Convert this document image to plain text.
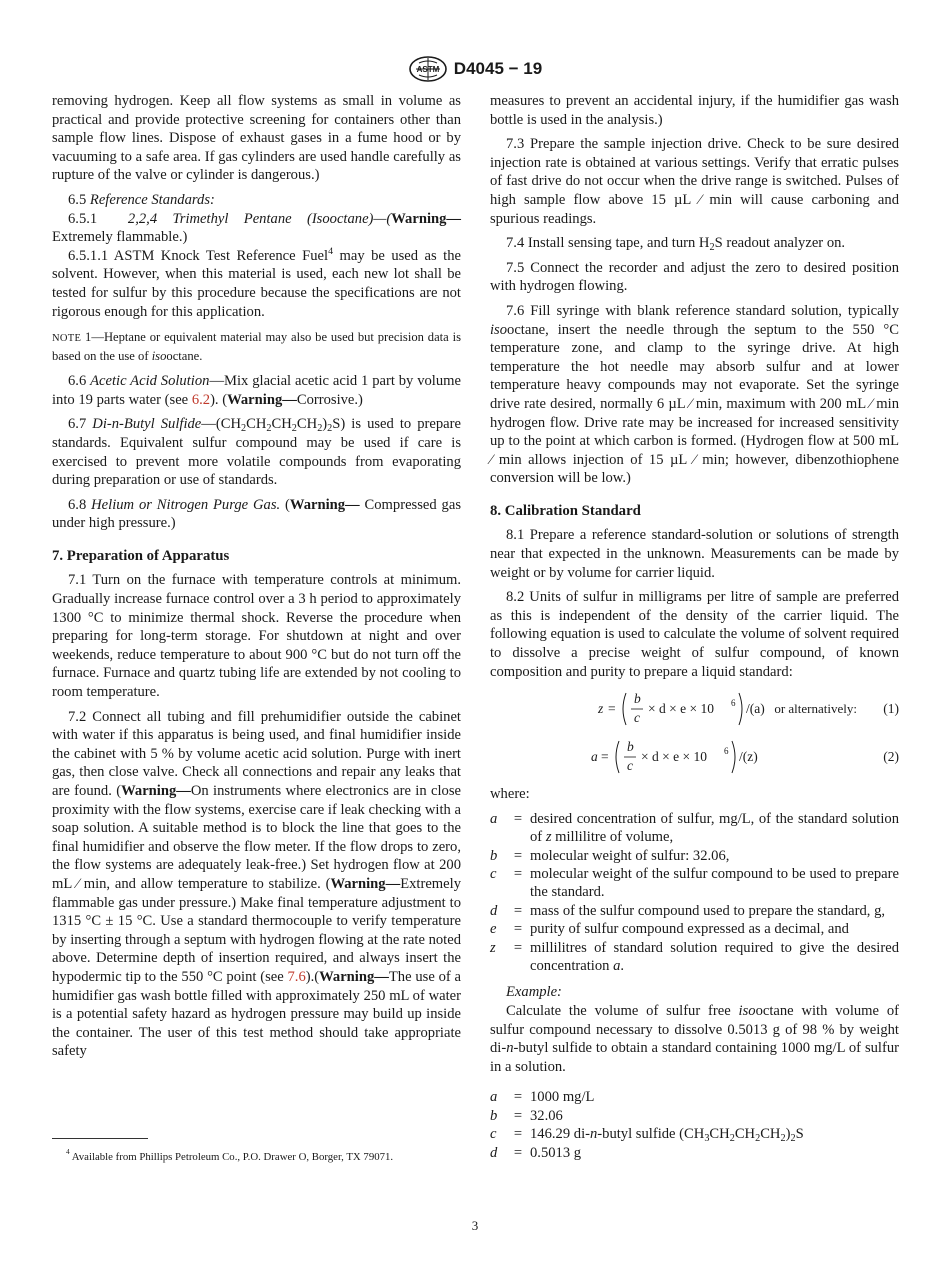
ASTM D4045 − 19

removing hydrogen. Keep all flow systems as small in volume as practical and provide protective screening for containers other than sample flow lines. Dispose of exhaust gases in a fume hood or by vacuuming to a safe area. If gas cylinders are used handle carefully as rupture of the valve or cylinder is dangerous.)

6.5 Reference Standards:

6.5.1 2,2,4 Trimethyl Pentane (Isooctane)—(Warning— Extremely flammable.)

6.5.1.1 ASTM Knock Test Reference Fuel$^4$ may be used as the solvent. However, when this material is used, each new lot shall be tested for sulfur by this procedure because the specifications are not rigorous enough for this application.

NOTE 1—Heptane or equivalent material may also be used but precision data is based on the use of isooctane.

6.6 Acetic Acid Solution—Mix glacial acetic acid 1 part by volume into 19 parts water (see 6.2). (Warning—Corrosive.)

6.7 Di-n-Butyl $Sulfide—(CH_2CH_2CH_2CH_2)_2S$) is used to prepare standards. Equivalent sulfur compound may be used if care is exercised to prevent more volatile compounds from evaporating during preparation or use of standards.

6.8 Helium or Nitrogen Purge Gas. (Warning— Compressed gas under high pressure.)

7. Preparation of Apparatus

7.1 Turn on the furnace with temperature controls at minimum. Gradually increase furnace control over a 3 h period to approximately 1300 °C to minimize thermal shock. Reverse the procedure when preparing for long-term storage. For shutdown at night and over weekends, reduce temperature to about 900 °C but do not turn off the furnace. Furnace and quartz tubing life are extended by not cooling to room temperature.

7.2 Connect all tubing and fill prehumidifier outside the cabinet with water if this apparatus is being used, and final humidifier inside the cabinet with 5 % by volume acetic acid solution. Purge with inert gas, then close valve. Check all connections and repair any leaks that are found. (Warning—On instruments where electronics are in close proximity with the flow systems, exercise care if leak checking with a soap solution. A suitable method is to block the line that goes to the final humidifier and observe the flow meter. If the flow drops to zero, the flow systems are adequately leak-free.) Set hydrogen flow at 200 mL ⁄ min, and allow temperature to stabilize. (Warning—Extremely flammable gas under pressure.) Make final temperature adjustment to 1315 °C ± 15 °C. Use a standard thermocouple to verify temperature by inserting through a septum with hydrogen flowing at the rate noted above. Determine depth of insertion required, and always insert the hypodermic tip to the 550 °C point (see 7.6).(Warning—The use of a humidifier gas wash bottle filled with approximately 250 mL of water is a potential safety hazard as hydrogen pressure may build up inside the container. The user of this test method should take appropriate safety

$^4$ Available from Phillips Petroleum Co., P.O. Drawer O, Borger, TX 79071.

measures to prevent an accidental injury, if the humidifier gas wash bottle is used in the analysis.)

7.3 Prepare the sample injection drive. Check to be sure desired injection rate is obtained at various settings. Verify that erratic pulses of fast drive do not occur when the drive range is switched. Pulses of high sample flow above 15 µL ⁄ min will cause carboning and spurious readings.

7.4 Install sensing tape, and turn $H_2S$ readout analyzer on.

7.5 Connect the recorder and adjust the zero to desired position with hydrogen flowing.

7.6 Fill syringe with blank reference standard solution, typically isooctane, insert the needle through the septum to the 550 °C temperature zone, and clamp to the syringe drive. At high temperature the hot needle may absorb sulfur and at lower temperature heavy compounds may not evaporate. Set the syringe drive rate desired, normally 6 µL ⁄ min, maximum with 200 mL ⁄ min hydrogen flow. Drive rate may be increased for increased sensitivity up to the point at which carbon is formed. (Hydrogen flow at 500 mL ⁄ min allows injection of 15 µL ⁄ min; however, dibenzothiophene conversion will be low.)

8. Calibration Standard

8.1 Prepare a reference standard-solution or solutions of strength near that expected in the unknown. Measurements can be made by weight or by volume for carrier liquid.

8.2 Units of sulfur in milligrams per litre of sample are preferred as this is independent of the density of the carrier liquid. The following equation is used to calculate the volume of solvent required to dissolve a precise weight of sulfur compound, of known composition and purity to prepare a liquid standard:

z =
b
c
× d × e × 10 6 /(a) or alternatively:	(1)
a =
b
c
× d × e × 10 6 /(z)	(2)

where:

a	= desired concentration of sulfur, mg/L, of the standard solution of z millilitre of volume,
b	= molecular weight of sulfur: 32.06,
c	= molecular weight of the sulfur compound to be used to prepare the standard.
d	= mass of the sulfur compound used to prepare the standard, g,
e	= purity of sulfur compound expressed as a decimal, and
z	= millilitres of standard solution required to give the desired concentration a.

Example:

Calculate the volume of sulfur free isooctane with volume of sulfur compound necessary to dissolve 0.5013 g of 98 % by weight di-n-butyl sulfide to obtain a standard containing 1000 mg/L of sulfur in a solution.

a	= 1000 mg/L
b	= 32.06
c	= 146.29 di-n-butyl sulfide $(CH_3CH_2CH_2CH_2)_2S$
d	= 0.5013 g
3
